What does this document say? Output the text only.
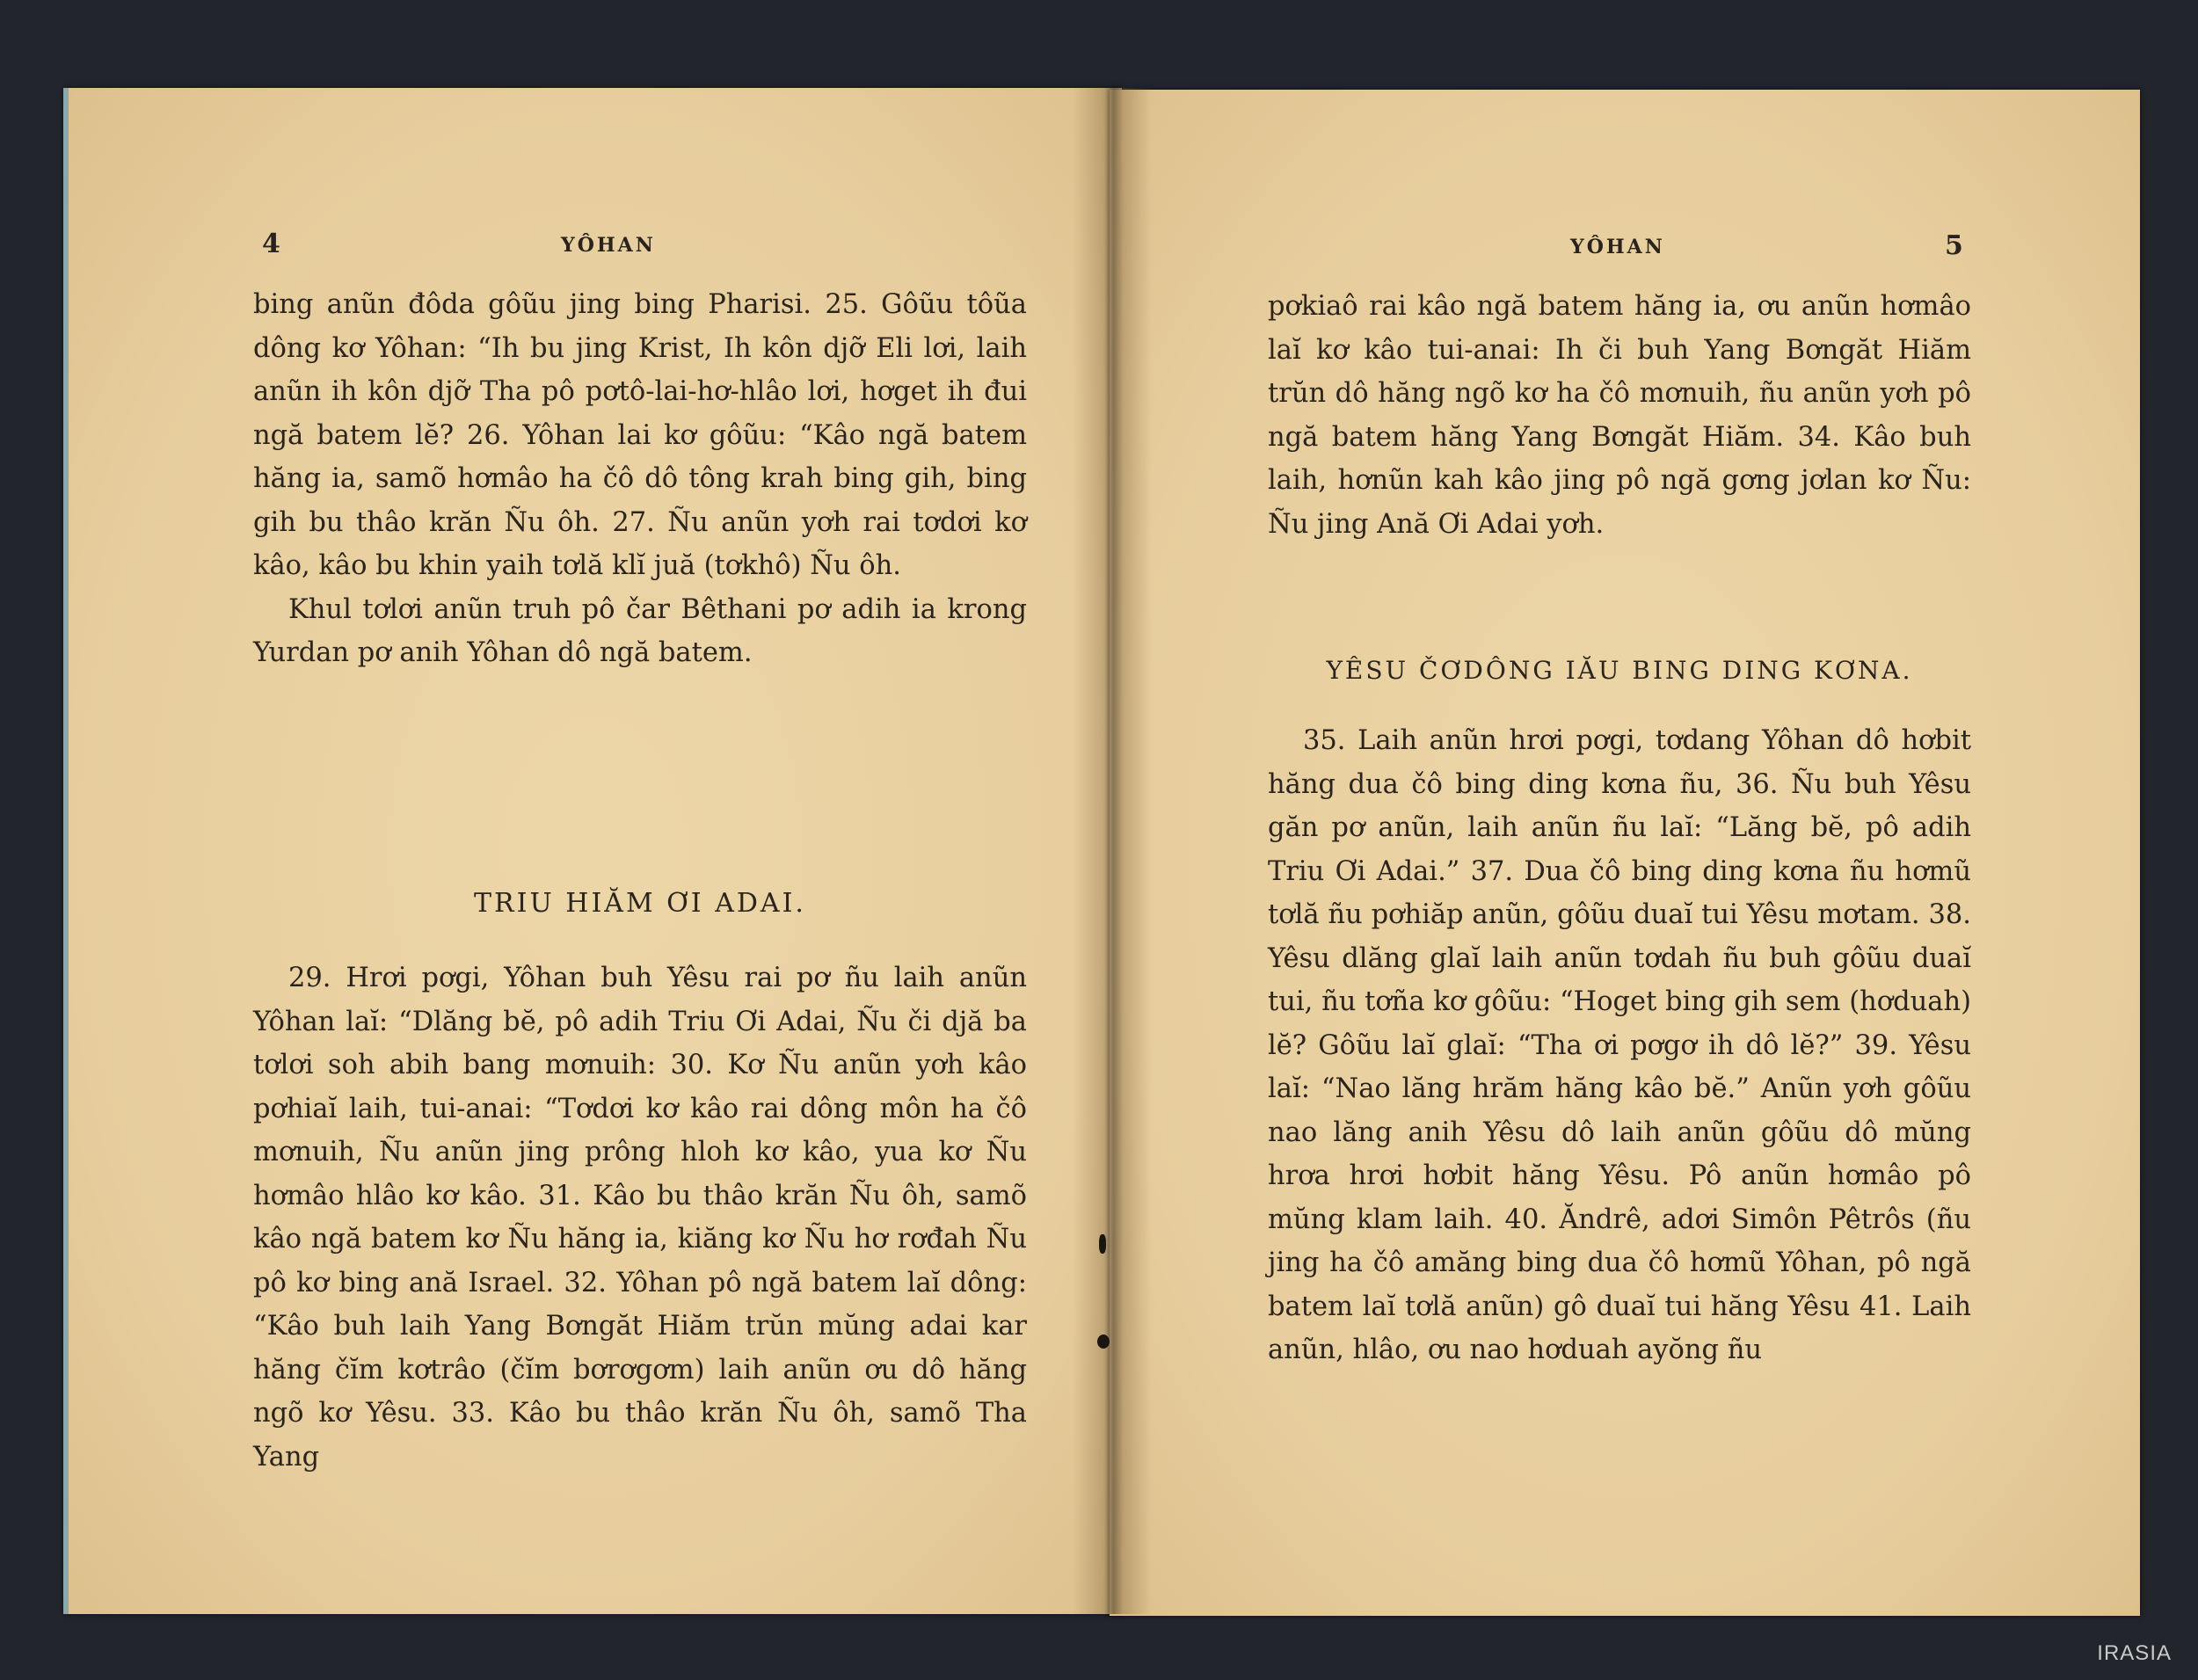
4	YÔHAN

bing anũn đôda gôũu jing bing Pharisi. 25. Gôũu tôũa dông kơ Yôhan: “Ih bu jing Krist, Ih kôn djỡ Eli lơi, laih anũn ih kôn djỡ Tha pô pơtô-lai-hơ-hlâo lơi, hơget ih đui ngă batem lĕ? 26. Yôhan lai kơ gôũu: “Kâo ngă batem hăng ia, samõ hơmâo ha čô dô tông krah bing gih, bing gih bu thâo krăn Ñu ôh. 27. Ñu anũn yơh rai tơdơi kơ kâo, kâo bu khin yaih tơlă klĭ juă (tơkhô) Ñu ôh.

Khul tơlơi anũn truh pô čar Bêthani pơ adih ia krong Yurdan pơ anih Yôhan dô ngă batem.

TRIU HIĂM ƠI ADAI.

29. Hrơi pơgi, Yôhan buh Yêsu rai pơ ñu laih anũn Yôhan laĭ: “Dlăng bĕ, pô adih Triu Ơi Adai, Ñu či djă ba tơlơi soh abih bang mơnuih: 30. Kơ Ñu anũn yơh kâo pơhiaĭ laih, tui-anai: “Tơdơi kơ kâo rai dông môn ha čô mơnuih, Ñu anũn jing prông hloh kơ kâo, yua kơ Ñu hơmâo hlâo kơ kâo. 31. Kâo bu thâo krăn Ñu ôh, samõ kâo ngă batem kơ Ñu hăng ia, kiăng kơ Ñu hơ rơđah Ñu pô kơ bing ană Israel. 32. Yôhan pô ngă batem laĭ dông: “Kâo buh laih Yang Bơngăt Hiăm trŭn mŭng adai kar hăng čĭm kơtrâo (čĭm bơrơgơm) laih anũn ơu dô hăng ngõ kơ Yêsu. 33. Kâo bu thâo krăn Ñu ôh, samõ Tha Yang

YÔHAN	5

pơkiaô rai kâo ngă batem hăng ia, ơu anũn hơmâo laĭ kơ kâo tui-anai: Ih či buh Yang Bơngăt Hiăm trŭn dô hăng ngõ kơ ha čô mơnuih, ñu anũn yơh pô ngă batem hăng Yang Bơngăt Hiăm. 34. Kâo buh laih, hơnũn kah kâo jing pô ngă gơng jơlan kơ Ñu: Ñu jing Ană Ơi Adai yơh.

YÊSU ČƠDÔNG IĂU BING DING KƠNA.

35. Laih anũn hrơi pơgi, tơdang Yôhan dô hơbit hăng dua čô bing ding kơna ñu, 36. Ñu buh Yêsu găn pơ anũn, laih anũn ñu laĭ: “Lăng bĕ, pô adih Triu Ơi Adai.” 37. Dua čô bing ding kơna ñu hơmũ tơlă ñu pơhiăp anũn, gôũu duaĭ tui Yêsu mơtam. 38. Yêsu dlăng glaĭ laih anũn tơdah ñu buh gôũu duaĭ tui, ñu tơña kơ gôũu: “Hoget bing gih sem (hơduah) lĕ? Gôũu laĭ glaĭ: “Tha ơi pơgơ ih dô lĕ?” 39. Yêsu laĭ: “Nao lăng hrăm hăng kâo bĕ.” Anũn yơh gôũu nao lăng anih Yêsu dô laih anũn gôũu dô mŭng hrơa hrơi hơbit hăng Yêsu. Pô anũn hơmâo pô mŭng klam laih. 40. Ăndrê, adơi Simôn Pêtrôs (ñu jing ha čô amăng bing dua čô hơmũ Yôhan, pô ngă batem laĭ tơlă anũn) gô duaĭ tui hăng Yêsu 41. Laih anũn, hlâo, ơu nao hơduah ayŏng ñu

IRASIA
